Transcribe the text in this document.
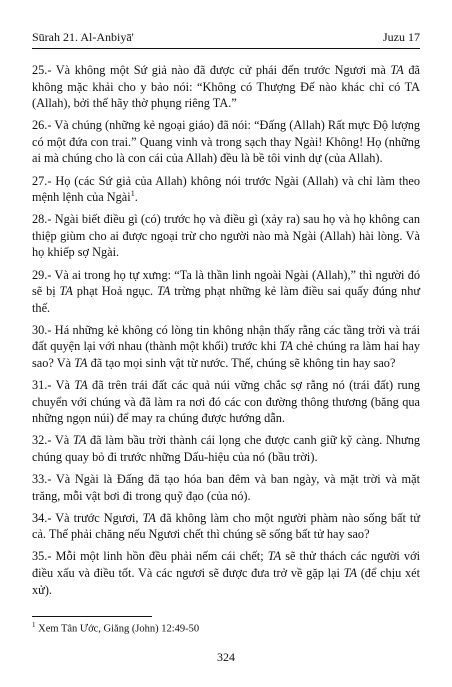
Sūrah 21. Al-Anbiyā'	Juzu 17

25.- Và không một Sứ giả nào đã được cử phái đến trước Ngươi mà TA đã không mặc khải cho y bảo nói: “Không có Thượng Đế nào khác chỉ có TA (Allah), bởi thế hãy thờ phụng riêng TA.”

26.- Và chúng (những kẻ ngoại giáo) đã nói: “Đấng (Allah) Rất mực Độ lượng có một đứa con trai.” Quang vinh và trong sạch thay Ngài! Không! Họ (những ai mà chúng cho là con cái của Allah) đều là bề tôi vinh dự (của Allah).

27.- Họ (các Sứ giả của Allah) không nói trước Ngài (Allah) và chỉ làm theo mệnh lệnh của Ngài$^1$.

28.- Ngài biết điều gì (có) trước họ và điều gì (xảy ra) sau họ và họ không can thiệp giùm cho ai được ngoại trừ cho người nào mà Ngài (Allah) hài lòng. Và họ khiếp sợ Ngài.

29.- Và ai trong họ tự xưng: “Ta là thần linh ngoài Ngài (Allah),” thì người đó sẽ bị TA phạt Hoả ngục. TA trừng phạt những kẻ làm điều sai quấy đúng như thế.

30.- Há những kẻ không có lòng tin không nhận thấy rằng các tầng trời và trái đất quyện lại với nhau (thành một khối) trước khi TA chẻ chúng ra làm hai hay sao? Và TA đã tạo mọi sinh vật từ nước. Thế, chúng sẽ không tin hay sao?

31.- Và TA đã trên trái đất các quả núi vững chắc sợ rằng nó (trái đất) rung chuyển với chúng và đã làm ra nơi đó các con đường thông thương (băng qua những ngọn núi) để may ra chúng được hướng dẫn.

32.- Và TA đã làm bầu trời thành cái lọng che được canh giữ kỹ càng. Nhưng chúng quay bỏ đi trước những Dấu-hiệu của nó (bầu trời).

33.- Và Ngài là Đấng đã tạo hóa ban đêm và ban ngày, và mặt trời và mặt trăng, mỗi vật bơi đi trong quỹ đạo (của nó).

34.- Và trước Ngươi, TA đã không làm cho một người phàm nào sống bất tử cả. Thế phải chăng nếu Ngươi chết thì chúng sẽ sống bất tử hay sao?

35.- Mỗi một linh hồn đều phải nếm cái chết; TA sẽ thử thách các người với điều xấu và điều tốt. Và các ngươi sẽ được đưa trở về gặp lại TA (để chịu xét xử).

$^1$ Xem Tân Ước, Giăng (John) 12:49-50
324
